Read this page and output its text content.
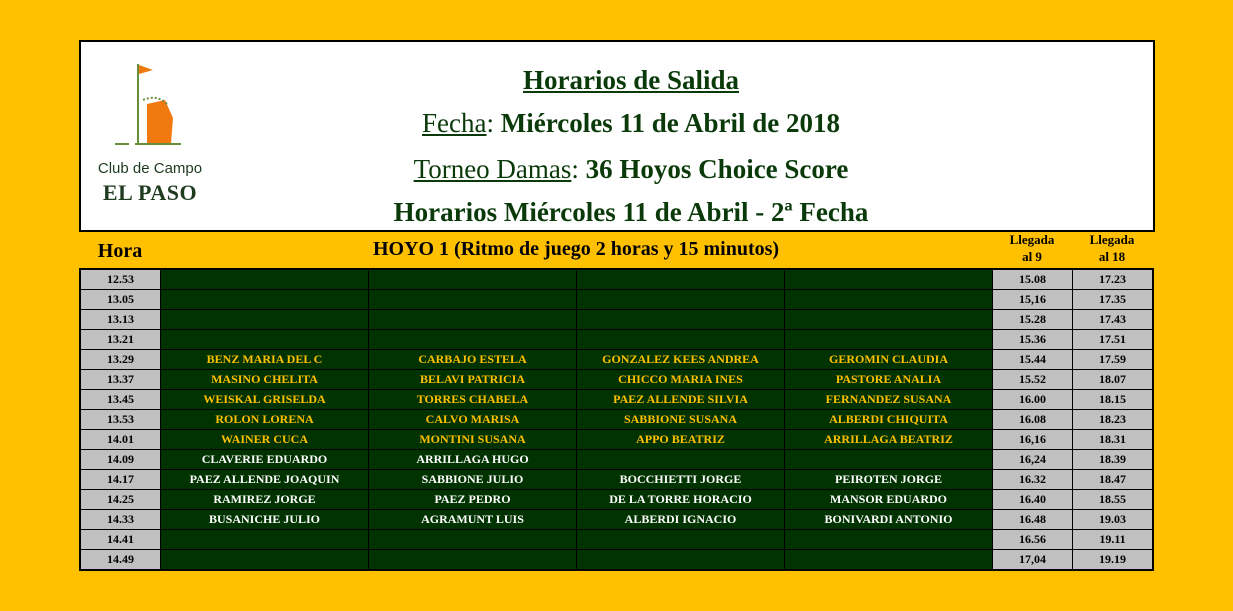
Club de Campo
EL PASO
Horarios de Salida
Fecha: Miércoles 11 de Abril de 2018
Torneo Damas: 36 Hoyos Choice Score
Horarios Miércoles 11 de Abril - 2ª Fecha
Hora	HOYO 1 (Ritmo de juego 2 horas y 15 minutos)	Llegada
al 9
Llegada
al 18
12.53					15.08	17.23
13.05					15,16	17.35
13.13					15.28	17.43
13.21					15.36	17.51
13.29	BENZ MARIA DEL C	CARBAJO ESTELA	GONZALEZ KEES ANDREA	GEROMIN CLAUDIA	15.44	17.59
13.37	MASINO CHELITA	BELAVI PATRICIA	CHICCO MARIA INES	PASTORE ANALIA	15.52	18.07
13.45	WEISKAL GRISELDA	TORRES CHABELA	PAEZ ALLENDE SILVIA	FERNANDEZ SUSANA	16.00	18.15
13.53	ROLON LORENA	CALVO MARISA	SABBIONE SUSANA	ALBERDI CHIQUITA	16.08	18.23
14.01	WAINER CUCA	MONTINI SUSANA	APPO BEATRIZ	ARRILLAGA BEATRIZ	16,16	18.31
14.09	CLAVERIE EDUARDO	ARRILLAGA HUGO			16,24	18.39
14.17	PAEZ ALLENDE JOAQUIN	SABBIONE JULIO	BOCCHIETTI JORGE	PEIROTEN JORGE	16.32	18.47
14.25	RAMIREZ JORGE	PAEZ PEDRO	DE LA TORRE HORACIO	MANSOR EDUARDO	16.40	18.55
14.33	BUSANICHE JULIO	AGRAMUNT LUIS	ALBERDI IGNACIO	BONIVARDI ANTONIO	16.48	19.03
14.41					16.56	19.11
14.49					17,04	19.19
